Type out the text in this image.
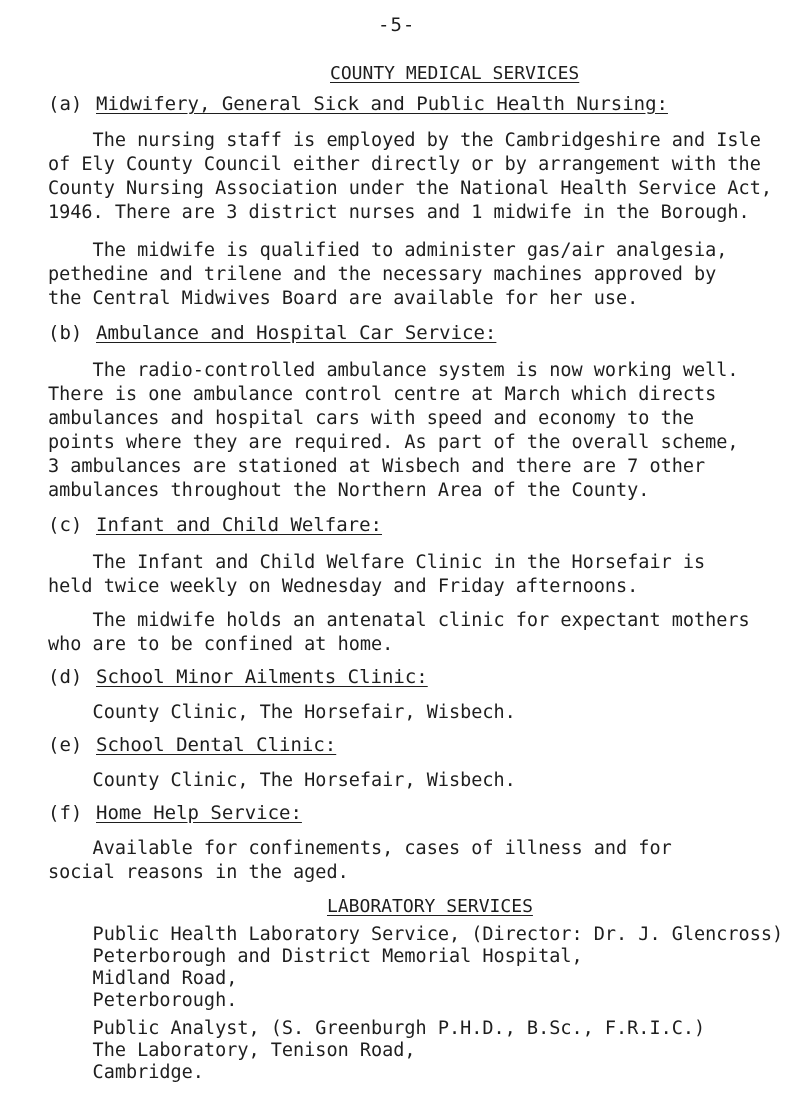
-5-
COUNTY MEDICAL SERVICES
(a) Midwifery, General Sick and Public Health Nursing:
The nursing staff is employed by the Cambridgeshire and Isle
of Ely County Council either directly or by arrangement with the
County Nursing Association under the National Health Service Act,
1946. There are 3 district nurses and 1 midwife in the Borough.
The midwife is qualified to administer gas/air analgesia,
pethedine and trilene and the necessary machines approved by
the Central Midwives Board are available for her use.
(b) Ambulance and Hospital Car Service:
The radio-controlled ambulance system is now working well.
There is one ambulance control centre at March which directs
ambulances and hospital cars with speed and economy to the
points where they are required. As part of the overall scheme,
3 ambulances are stationed at Wisbech and there are 7 other
ambulances throughout the Northern Area of the County.
(c) Infant and Child Welfare:
The Infant and Child Welfare Clinic in the Horsefair is
held twice weekly on Wednesday and Friday afternoons.
The midwife holds an antenatal clinic for expectant mothers
who are to be confined at home.
(d) School Minor Ailments Clinic:
County Clinic, The Horsefair, Wisbech.
(e) School Dental Clinic:
County Clinic, The Horsefair, Wisbech.
(f) Home Help Service:
Available for confinements, cases of illness and for
social reasons in the aged.
LABORATORY SERVICES
Public Health Laboratory Service, (Director: Dr. J. Glencross)
Peterborough and District Memorial Hospital,
Midland Road,
Peterborough.
Public Analyst, (S. Greenburgh P.H.D., B.Sc., F.R.I.C.)
The Laboratory, Tenison Road,
Cambridge.
